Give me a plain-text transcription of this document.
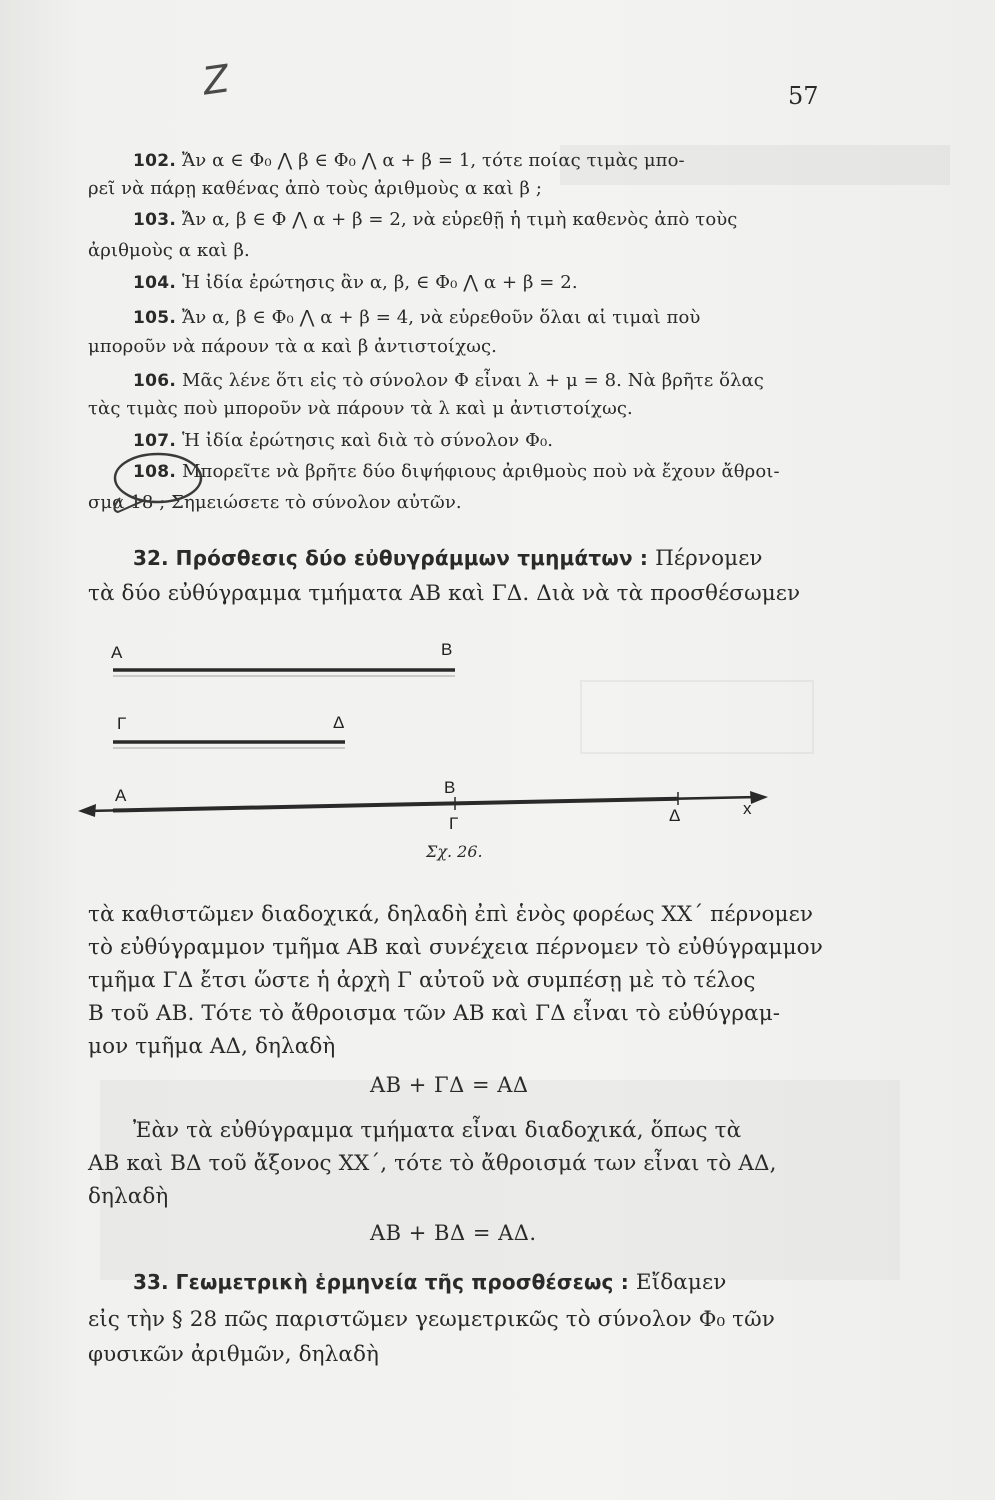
Z	57
102. Ἄν α ∈ Φ₀ ⋀ β ∈ Φ₀ ⋀ α + β = 1, τότε ποίας τιμὰς μπο-
ρεῖ νὰ πάρῃ καθένας ἀπὸ τοὺς ἀριθμοὺς α καὶ β ;
103. Ἄν α, β ∈ Φ ⋀ α + β = 2, νὰ εὑρεθῇ ἡ τιμὴ καθενὸς ἀπὸ τοὺς
ἀριθμοὺς α καὶ β.
104. Ἡ ἰδία ἐρώτησις ἂν α, β, ∈ Φ₀ ⋀ α + β = 2.
105. Ἄν α, β ∈ Φ₀ ⋀ α + β = 4, νὰ εὑρεθοῦν ὅλαι αἱ τιμαὶ ποὺ
μποροῦν νὰ πάρουν τὰ α καὶ β ἀντιστοίχως.
106. Μᾶς λένε ὅτι εἰς τὸ σύνολον Φ εἶναι λ + μ = 8. Νὰ βρῆτε ὅλας
τὰς τιμὰς ποὺ μποροῦν νὰ πάρουν τὰ λ καὶ μ ἀντιστοίχως.
107. Ἡ ἰδία ἐρώτησις καὶ διὰ τὸ σύνολον Φ₀.
108. Μπορεῖτε νὰ βρῆτε δύο διψήφιους ἀριθμοὺς ποὺ νὰ ἔχουν ἄθροι-
σμα 18 ; Σημειώσετε τὸ σύνολον αὐτῶν.
32. Πρόσθεσις δύο εὐθυγράμμων τμημάτων : Πέρνομεν
τὰ δύο εὐθύγραμμα τμήματα ΑΒ καὶ ΓΔ. Διὰ νὰ τὰ προσθέσωμεν
A	B
Γ	Δ
A	B
Γ	Δ	x
Σχ. 26.
τὰ καθιστῶμεν διαδοχικά, δηλαδὴ ἐπὶ ἑνὸς φορέως ΧΧ΄ πέρνομεν
τὸ εὐθύγραμμον τμῆμα ΑΒ καὶ συνέχεια πέρνομεν τὸ εὐθύγραμμον
τμῆμα ΓΔ ἔτσι ὥστε ἡ ἀρχὴ Γ αὐτοῦ νὰ συμπέσῃ μὲ τὸ τέλος
Β τοῦ ΑΒ. Τότε τὸ ἄθροισμα τῶν ΑΒ καὶ ΓΔ εἶναι τὸ εὐθύγραμ-
μον τμῆμα ΑΔ, δηλαδὴ
ΑΒ + ΓΔ = ΑΔ
Ἐὰν τὰ εὐθύγραμμα τμήματα εἶναι διαδοχικά, ὅπως τὰ
ΑΒ καὶ ΒΔ τοῦ ἄξονος ΧΧ΄, τότε τὸ ἄθροισμά των εἶναι τὸ ΑΔ,
δηλαδὴ
ΑΒ + ΒΔ = ΑΔ.
33. Γεωμετρικὴ ἑρμηνεία τῆς προσθέσεως : Εἴδαμεν
εἰς τὴν § 28 πῶς παριστῶμεν γεωμετρικῶς τὸ σύνολον Φ₀ τῶν
φυσικῶν ἀριθμῶν, δηλαδὴ
